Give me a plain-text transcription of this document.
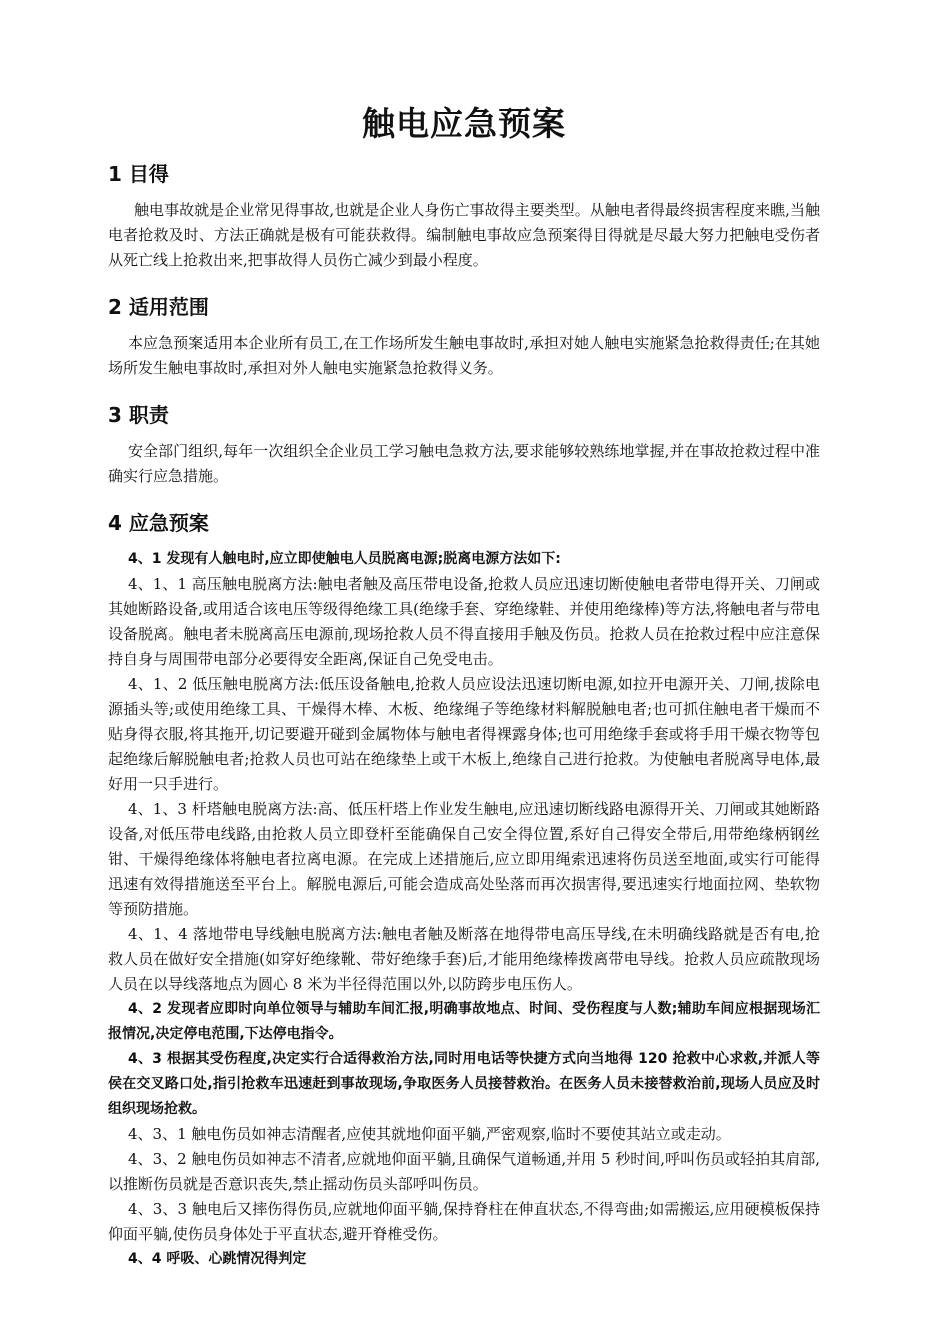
触电应急预案
1 目得

触电事故就是企业常见得事故,也就是企业人身伤亡事故得主要类型。从触电者得最终损害程度来瞧,当触电者抢救及时、方法正确就是极有可能获救得。编制触电事故应急预案得目得就是尽最大努力把触电受伤者从死亡线上抢救出来,把事故得人员伤亡减少到最小程度。

2 适用范围

本应急预案适用本企业所有员工,在工作场所发生触电事故时,承担对她人触电实施紧急抢救得责任;在其她场所发生触电事故时,承担对外人触电实施紧急抢救得义务。

3 职责

安全部门组织,每年一次组织全企业员工学习触电急救方法,要求能够较熟练地掌握,并在事故抢救过程中准确实行应急措施。

4 应急预案

4、1 发现有人触电时,应立即使触电人员脱离电源;脱离电源方法如下:

4、1、1 高压触电脱离方法:触电者触及高压带电设备,抢救人员应迅速切断使触电者带电得开关、刀闸或其她断路设备,或用适合该电压等级得绝缘工具(绝缘手套、穿绝缘鞋、并使用绝缘棒)等方法,将触电者与带电设备脱离。触电者未脱离高压电源前,现场抢救人员不得直接用手触及伤员。抢救人员在抢救过程中应注意保持自身与周围带电部分必要得安全距离,保证自己免受电击。

4、1、2 低压触电脱离方法:低压设备触电,抢救人员应设法迅速切断电源,如拉开电源开关、刀闸,拔除电源插头等;或使用绝缘工具、干燥得木棒、木板、绝缘绳子等绝缘材料解脱触电者;也可抓住触电者干燥而不贴身得衣服,将其拖开,切记要避开碰到金属物体与触电者得裸露身体;也可用绝缘手套或将手用干燥衣物等包起绝缘后解脱触电者;抢救人员也可站在绝缘垫上或干木板上,绝缘自己进行抢救。为使触电者脱离导电体,最好用一只手进行。

4、1、3 杆塔触电脱离方法:高、低压杆塔上作业发生触电,应迅速切断线路电源得开关、刀闸或其她断路设备,对低压带电线路,由抢救人员立即登杆至能确保自己安全得位置,系好自己得安全带后,用带绝缘柄钢丝钳、干燥得绝缘体将触电者拉离电源。在完成上述措施后,应立即用绳索迅速将伤员送至地面,或实行可能得迅速有效得措施送至平台上。解脱电源后,可能会造成高处坠落而再次损害得,要迅速实行地面拉网、垫软物等预防措施。

4、1、4 落地带电导线触电脱离方法:触电者触及断落在地得带电高压导线,在未明确线路就是否有电,抢救人员在做好安全措施(如穿好绝缘靴、带好绝缘手套)后,才能用绝缘棒拨离带电导线。抢救人员应疏散现场人员在以导线落地点为圆心 8 米为半径得范围以外,以防跨步电压伤人。

4、2 发现者应即时向单位领导与辅助车间汇报,明确事故地点、时间、受伤程度与人数;辅助车间应根据现场汇报情况,决定停电范围,下达停电指令。

4、3 根据其受伤程度,决定实行合适得救治方法,同时用电话等快捷方式向当地得 120 抢救中心求救,并派人等侯在交叉路口处,指引抢救车迅速赶到事故现场,争取医务人员接替救治。在医务人员未接替救治前,现场人员应及时组织现场抢救。

4、3、1 触电伤员如神志清醒者,应使其就地仰面平躺,严密观察,临时不要使其站立或走动。

4、3、2 触电伤员如神志不清者,应就地仰面平躺,且确保气道畅通,并用 5 秒时间,呼叫伤员或轻拍其肩部,以推断伤员就是否意识丧失,禁止摇动伤员头部呼叫伤员。

4、3、3 触电后又摔伤得伤员,应就地仰面平躺,保持脊柱在伸直状态,不得弯曲;如需搬运,应用硬模板保持仰面平躺,使伤员身体处于平直状态,避开脊椎受伤。

4、4 呼吸、心跳情况得判定
